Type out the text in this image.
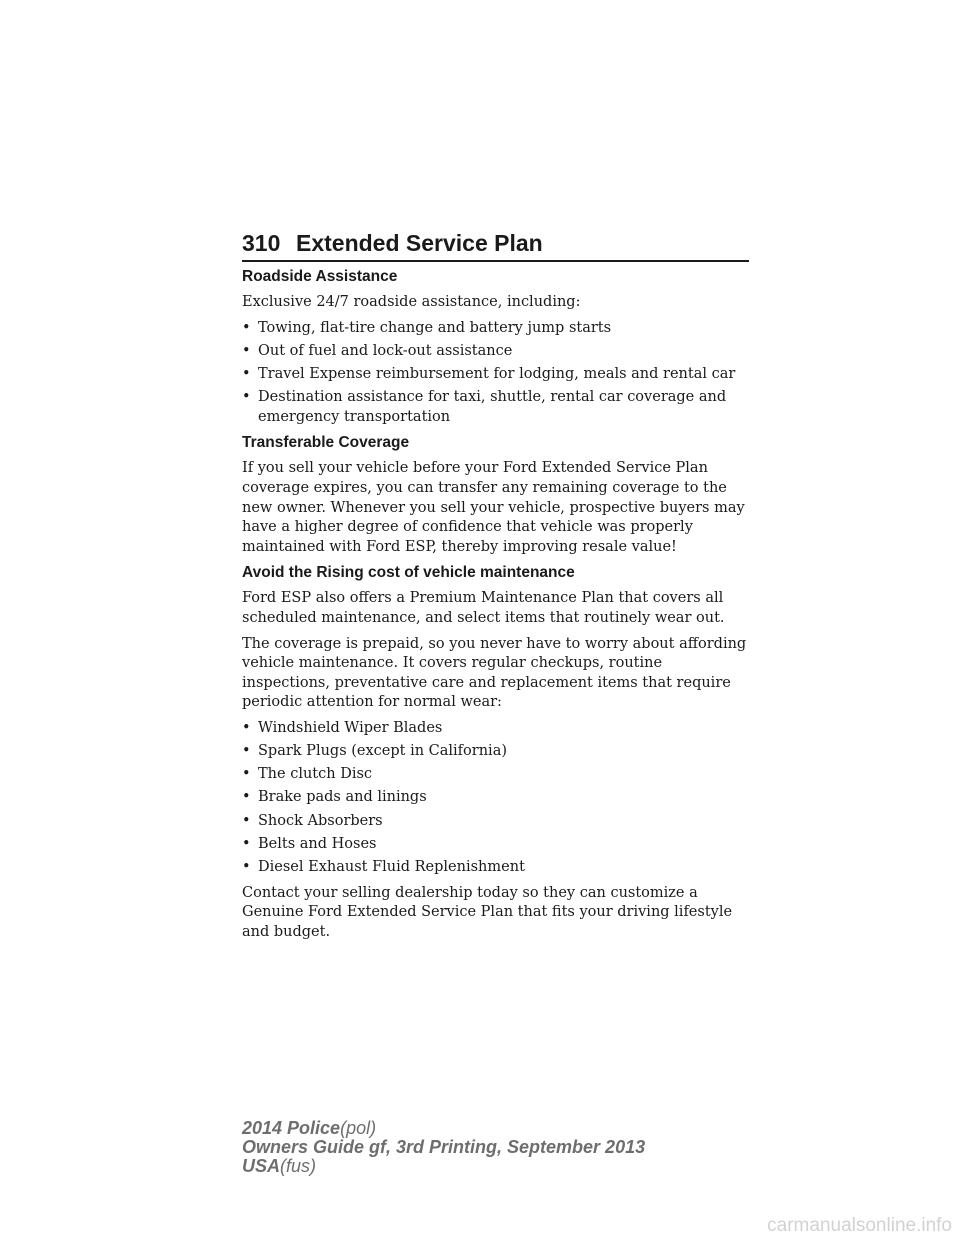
310 Extended Service Plan
Roadside Assistance

Exclusive 24/7 roadside assistance, including:

• Towing, flat-tire change and battery jump starts
• Out of fuel and lock-out assistance
• Travel Expense reimbursement for lodging, meals and rental car
• Destination assistance for taxi, shuttle, rental car coverage and emergency transportation
Transferable Coverage

If you sell your vehicle before your Ford Extended Service Plan coverage expires, you can transfer any remaining coverage to the new owner. Whenever you sell your vehicle, prospective buyers may have a higher degree of confidence that vehicle was properly maintained with Ford ESP, thereby improving resale value!

Avoid the Rising cost of vehicle maintenance

Ford ESP also offers a Premium Maintenance Plan that covers all scheduled maintenance, and select items that routinely wear out.

The coverage is prepaid, so you never have to worry about affording vehicle maintenance. It covers regular checkups, routine inspections, preventative care and replacement items that require periodic attention for normal wear:

• Windshield Wiper Blades
• Spark Plugs (except in California)
• The clutch Disc
• Brake pads and linings
• Shock Absorbers
• Belts and Hoses
• Diesel Exhaust Fluid Replenishment

Contact your selling dealership today so they can customize a Genuine Ford Extended Service Plan that fits your driving lifestyle and budget.

2014 Police(pol)
Owners Guide gf, 3rd Printing, September 2013
USA(fus)
carmanualsonline.info
